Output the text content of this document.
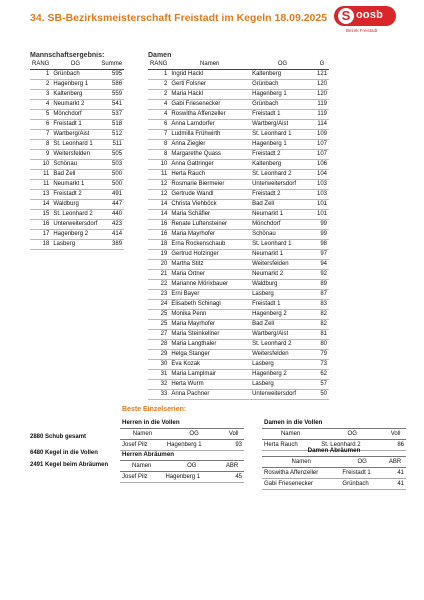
34. SB-Bezirksmeisterschaft Freistadt im Kegeln 18.09.2025 S oosb
Bezirk Freistadt
Mannschaftsergebnis:
RANG	OG	Summe
1	Grünbach	595
2	Hagenberg 1	586
3	Kaltenberg	559
4	Neumarkt 2	541
5	Mönchdorf	537
6	Freistadt 1	518
7	Wartberg/Aist	512
8	St. Leonhard 1	511
9	Weitersfelden	505
10	Schönau	503
11	Bad Zell	500
11	Neumarkt 1	500
13	Freistadt 2	491
14	Waldburg	447
15	St. Leonhard 2	440
16	Unterweitersdorf	423
17	Hagenberg 2	414
18	Lasberg	389
Damen
RANG	Namen	OG	G
1	Ingrid Hackl	Kaltenberg	121
2	Gerti Folsner	Grünbach	120
2	Maria Hackl	Hagenberg 1	120
4	Gabi Friesenecker	Grünbach	119
4	Roswitha Affenzeller	Freistadt 1	119
6	Anna Larndorfer	Wartberg/Aist	114
7	Ludmilla Frühwirth	St. Leonhard 1	109
8	Anna Ziegler	Hagenberg 1	107
8	Margarethe Quass	Freistadt 2	107
10	Anna Gattringer	Kaltenberg	106
11	Herta Rauch	St. Leonhard 2	104
12	Rosmarie Biermeier	Unterweitersdorf	103
12	Gertrude Wandl	Freistadt 2	103
14	Christa Viehböck	Bad Zell	101
14	Maria Schäfler	Neumarkt 1	101
16	Renate Luftensteiner	Mönchdorf	99
16	Maria Mayrhofer	Schönau	99
18	Erna Rockenschaub	St. Leonhard 1	98
19	Gertrud Holzinger	Neumarkt 1	97
20	Martha Stitz	Weitersfelden	94
21	Maria Ortner	Neumarkt 2	92
22	Marianne Mörixbauer	Waldburg	89
23	Erni Bayer	Lasberg	87
24	Elisabeth Schinagl	Freistadt 1	83
25	Monika Penn	Hagenberg 2	82
25	Maria Mayrhofer	Bad Zell	82
27	Maria Steinkellner	Wartberg/Aist	81
28	Maria Langthaler	St. Leonhard 2	80
29	Helga Stanger	Weitersfelden	79
30	Eva Kozak	Lasberg	73
31	Maria Lamplmair	Hagenberg 2	62
32	Herta Wurm	Lasberg	57
33	Anna Pachner	Unterweitersdorf	50
Beste Einzelserien:
Herren in die Vollen		
Namen	OG	Voll
Josef Pilz	Hagenberg 1	93
Herren Abräumen		
Namen	OG	ABR
Josef Pilz	Hagenberg 1	45
Damen in die Vollen		
Namen	OG	Voll
Herta Rauch	St. Leonhard 2	86
Damen Abräumen		
Namen	OG	ABR
Roswitha Affenzeller	Freistadt 1	41
Gabi Friesenecker	Grünbach	41
2880 Schub gesamt
6480 Kegel in die Vollen
2491 Kegel beim Abräumen
